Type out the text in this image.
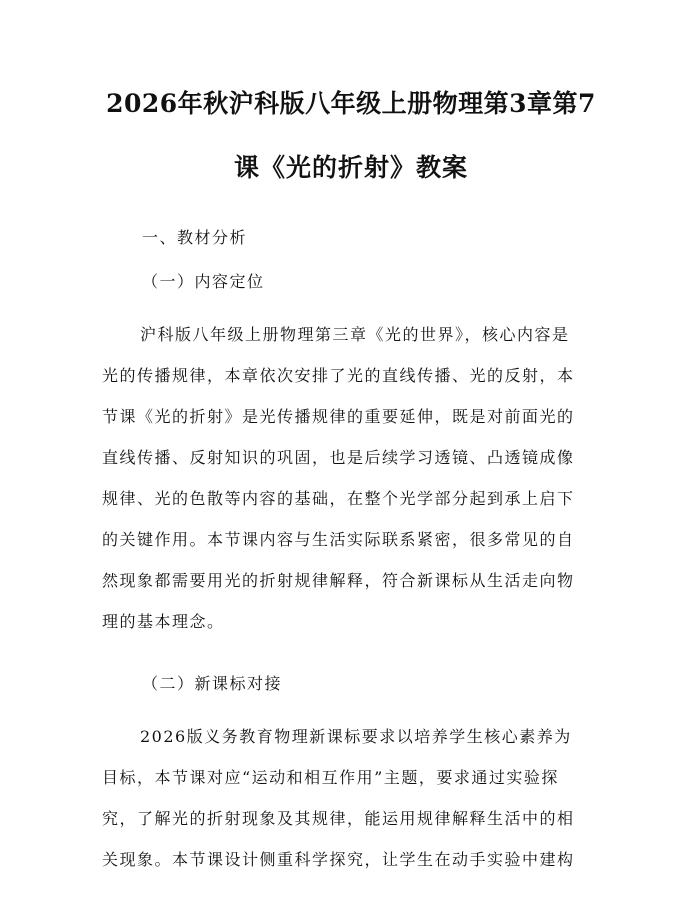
2026年秋沪科版八年级上册物理第3章第7
课《光的折射》教案

一、教材分析

（一）内容定位

沪科版八年级上册物理第三章《光的世界》，核心内容是
光的传播规律，本章依次安排了光的直线传播、光的反射，本
节课《光的折射》是光传播规律的重要延伸，既是对前面光的
直线传播、反射知识的巩固，也是后续学习透镜、凸透镜成像
规律、光的色散等内容的基础，在整个光学部分起到承上启下
的关键作用。本节课内容与生活实际联系紧密，很多常见的自
然现象都需要用光的折射规律解释，符合新课标从生活走向物
理的基本理念。

（二）新课标对接

2026版义务教育物理新课标要求以培养学生核心素养为
目标，本节课对应“运动和相互作用”主题，要求通过实验探
究，了解光的折射现象及其规律，能运用规律解释生活中的相
关现象。本节课设计侧重科学探究，让学生在动手实验中建构
